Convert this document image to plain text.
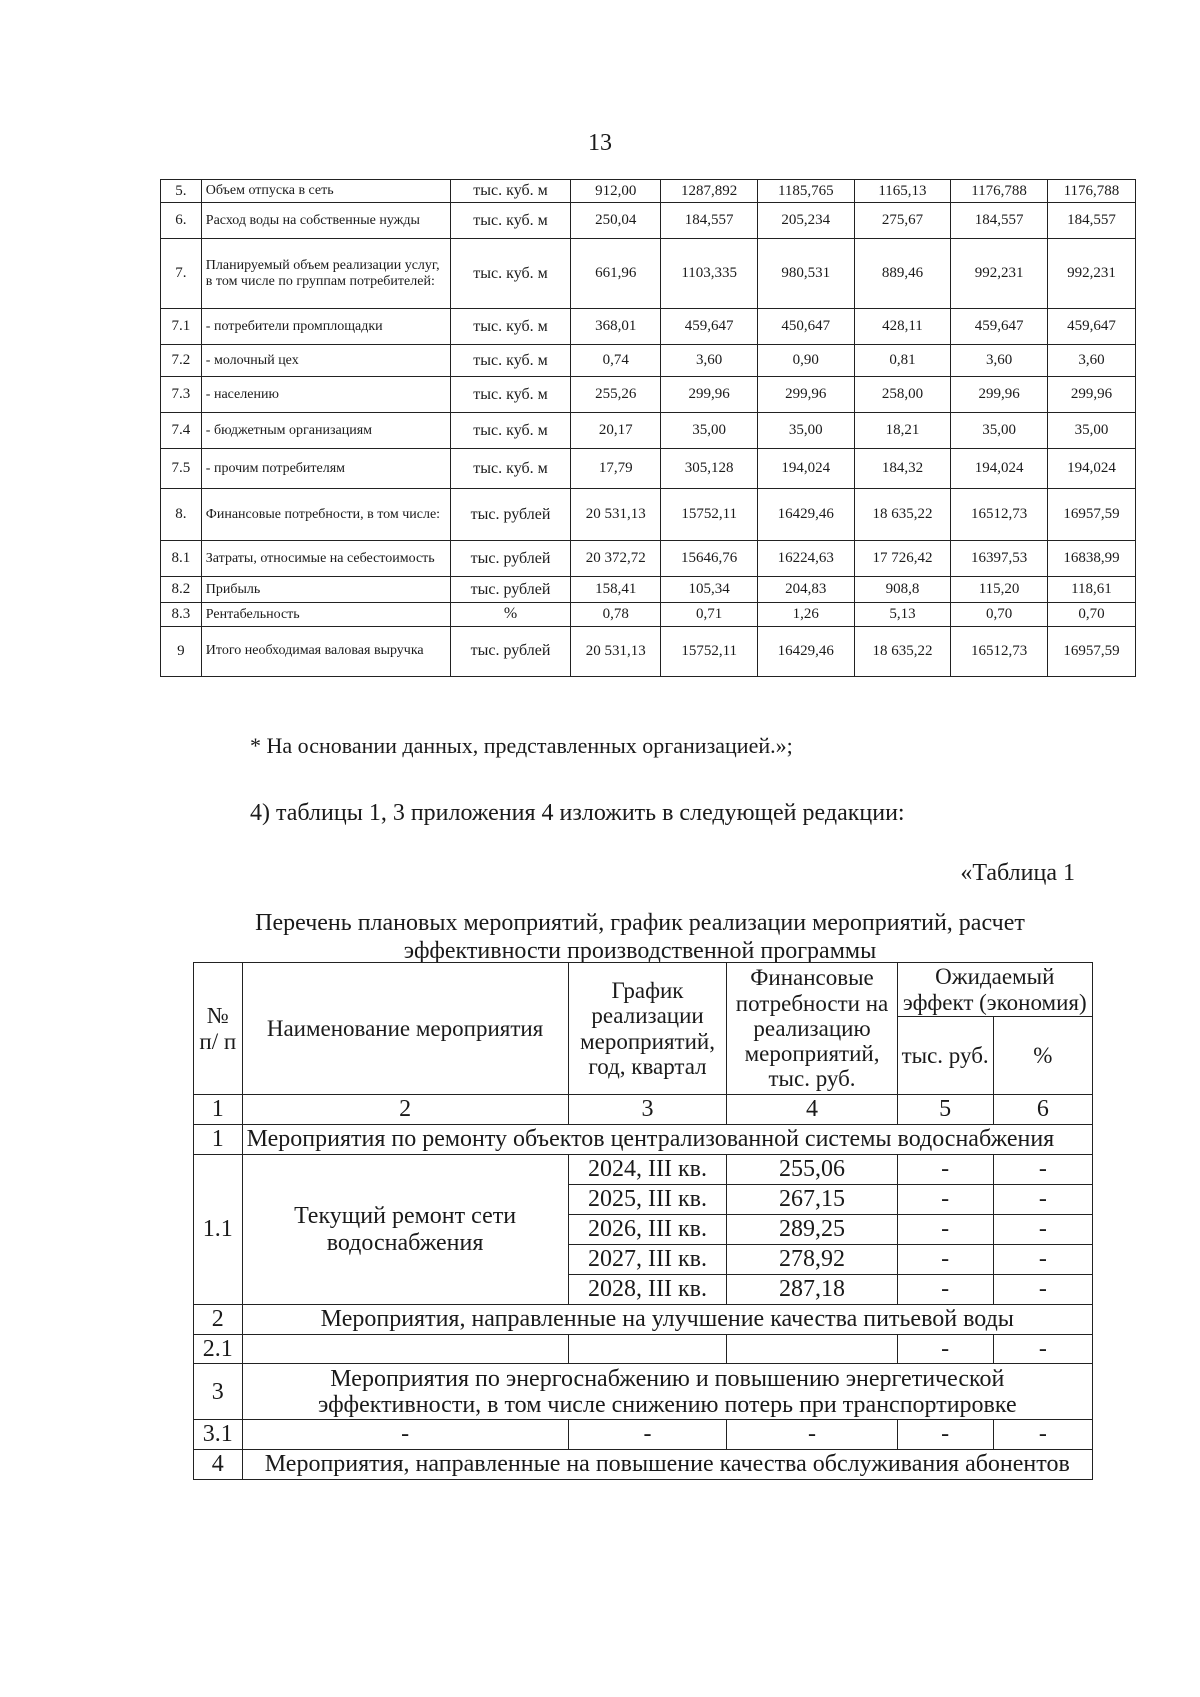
13
5.	Объем отпуска в сеть	тыс. куб. м	912,00	1287,892	1185,765	1165,13	1176,788	1176,788
6.	Расход воды на собственные нужды	тыс. куб. м	250,04	184,557	205,234	275,67	184,557	184,557
7.	Планируемый объем реализации услуг, в том числе по группам потребителей:	тыс. куб. м	661,96	1103,335	980,531	889,46	992,231	992,231
7.1	- потребители промплощадки	тыс. куб. м	368,01	459,647	450,647	428,11	459,647	459,647
7.2	- молочный цех	тыс. куб. м	0,74	3,60	0,90	0,81	3,60	3,60
7.3	- населению	тыс. куб. м	255,26	299,96	299,96	258,00	299,96	299,96
7.4	- бюджетным организациям	тыс. куб. м	20,17	35,00	35,00	18,21	35,00	35,00
7.5	- прочим потребителям	тыс. куб. м	17,79	305,128	194,024	184,32	194,024	194,024
8.	Финансовые потребности, в том числе:	тыс. рублей	20 531,13	15752,11	16429,46	18 635,22	16512,73	16957,59
8.1	Затраты, относимые на себестоимость	тыс. рублей	20 372,72	15646,76	16224,63	17 726,42	16397,53	16838,99
8.2	Прибыль	тыс. рублей	158,41	105,34	204,83	908,8	115,20	118,61
8.3	Рентабельность	%	0,78	0,71	1,26	5,13	0,70	0,70
9	Итого необходимая валовая выручка	тыс. рублей	20 531,13	15752,11	16429,46	18 635,22	16512,73	16957,59
* На основании данных, представленных организацией.»;
4) таблицы 1, 3 приложения 4 изложить в следующей редакции:
«Таблица 1
Перечень плановых мероприятий, график реализации мероприятий, расчет эффективности производственной программы
№ п/ п	Наименование мероприятия	График реализации мероприятий, год, квартал	Финансовые потребности на реализацию мероприятий, тыс. руб.	Ожидаемый эффект (экономия)	
				тыс. руб.	%
1	2	3	4	5	6
1	Мероприятия по ремонту объектов централизованной системы водоснабжения				
1.1	Текущий ремонт сети водоснабжения	2024, III кв.	255,06	-	-
		2025, III кв.	267,15	-	-
		2026, III кв.	289,25	-	-
		2027, III кв.	278,92	-	-
		2028, III кв.	287,18	-	-
2	Мероприятия, направленные на улучшение качества питьевой воды				
2.1				-	-
3	Мероприятия по энергоснабжению и повышению энергетической эффективности, в том числе снижению потерь при транспортировке				
3.1	-	-	-	-	-
4	Мероприятия, направленные на повышение качества обслуживания абонентов				
